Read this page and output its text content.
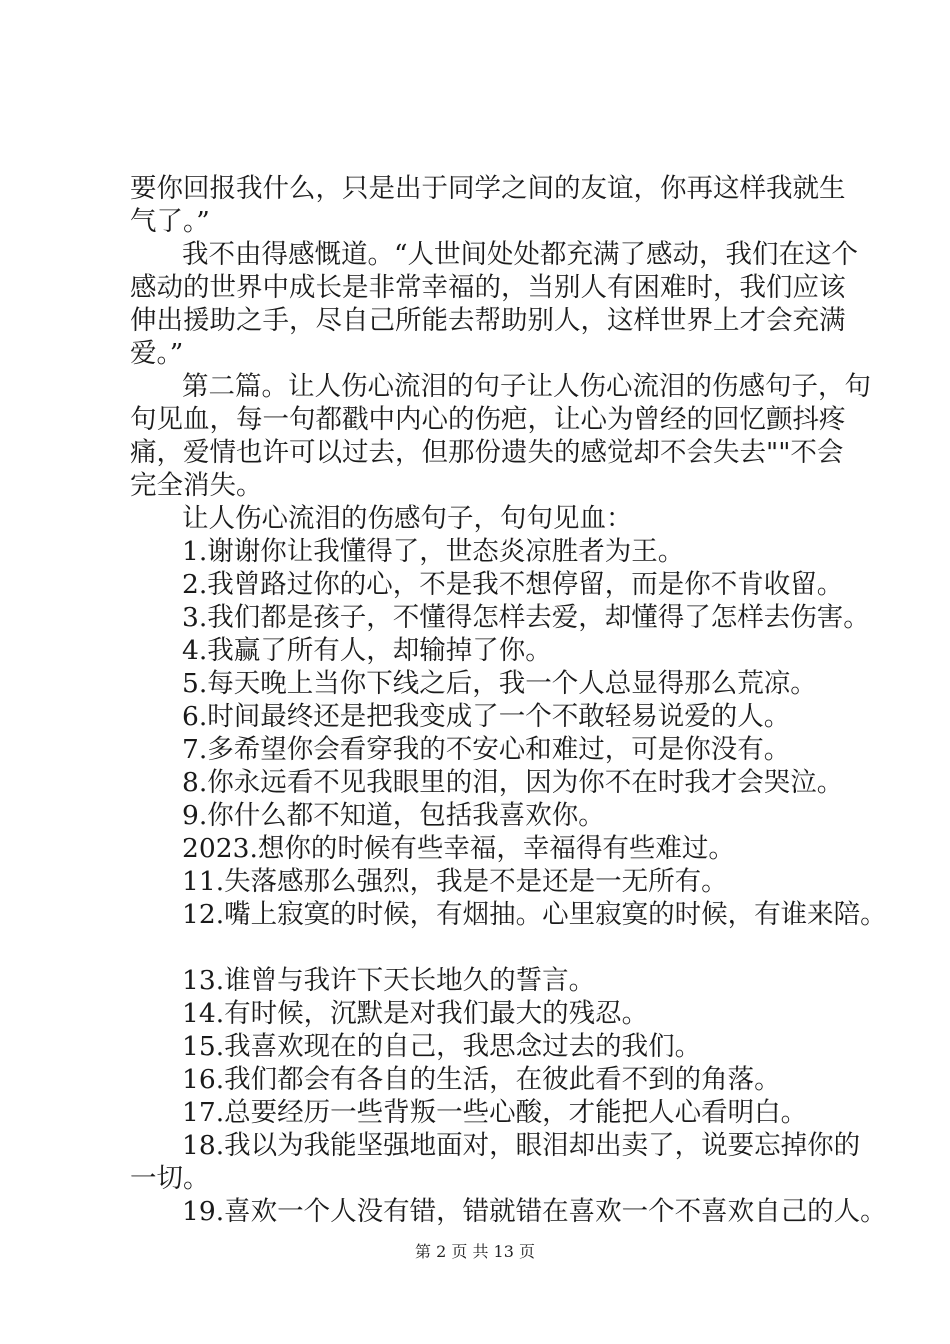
要你回报我什么，只是出于同学之间的友谊，你再这样我就生
气了。”
我不由得感慨道。“人世间处处都充满了感动，我们在这个
感动的世界中成长是非常幸福的，当别人有困难时，我们应该
伸出援助之手，尽自己所能去帮助别人，这样世界上才会充满
爱。”
第二篇。让人伤心流泪的句子让人伤心流泪的伤感句子，句
句见血，每一句都戳中内心的伤疤，让心为曾经的回忆颤抖疼
痛，爱情也许可以过去，但那份遗失的感觉却不会失去""不会
完全消失。
让人伤心流泪的伤感句子，句句见血：
1.谢谢你让我懂得了，世态炎凉胜者为王。
2.我曾路过你的心，不是我不想停留，而是你不肯收留。
3.我们都是孩子，不懂得怎样去爱，却懂得了怎样去伤害。
4.我赢了所有人，却输掉了你。
5.每天晚上当你下线之后，我一个人总显得那么荒凉。
6.时间最终还是把我变成了一个不敢轻易说爱的人。
7.多希望你会看穿我的不安心和难过，可是你没有。
8.你永远看不见我眼里的泪，因为你不在时我才会哭泣。
9.你什么都不知道，包括我喜欢你。
2023.想你的时候有些幸福，幸福得有些难过。
11.失落感那么强烈，我是不是还是一无所有。
12.嘴上寂寞的时候，有烟抽。心里寂寞的时候，有谁来陪。
13.谁曾与我许下天长地久的誓言。
14.有时候，沉默是对我们最大的残忍。
15.我喜欢现在的自己，我思念过去的我们。
16.我们都会有各自的生活，在彼此看不到的角落。
17.总要经历一些背叛一些心酸，才能把人心看明白。
18.我以为我能坚强地面对，眼泪却出卖了，说要忘掉你的
一切。
19.喜欢一个人没有错，错就错在喜欢一个不喜欢自己的人。
第 2 页 共 13 页
